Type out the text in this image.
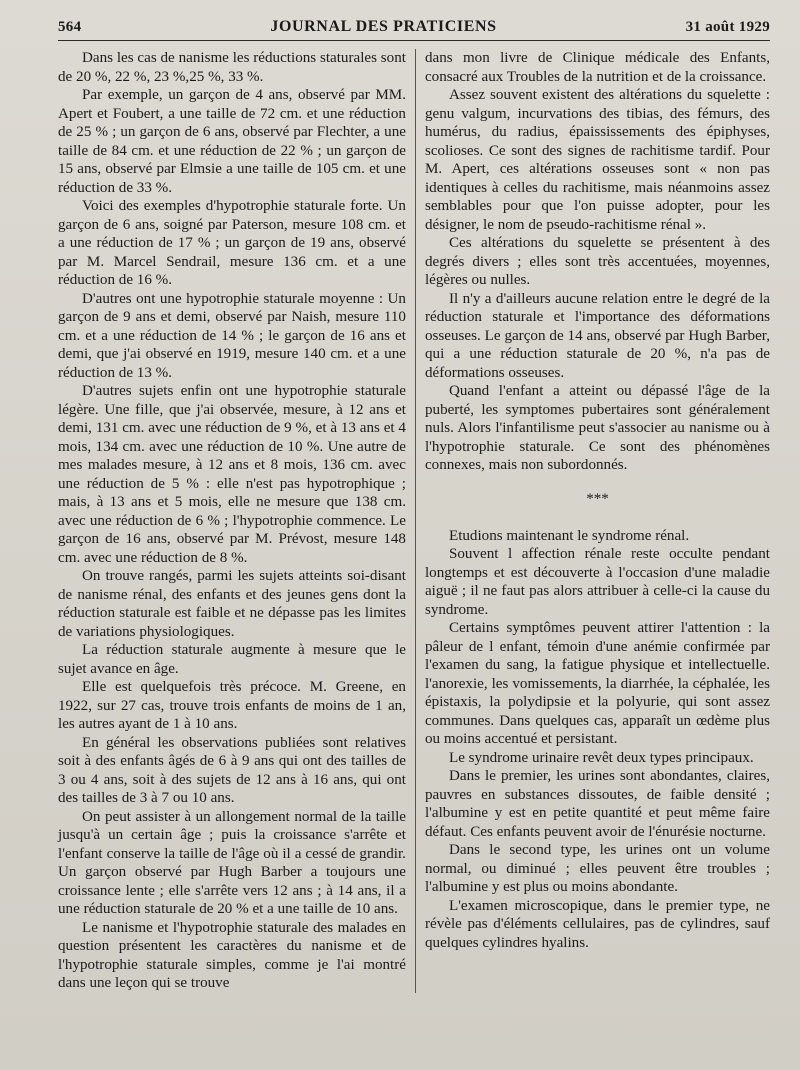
564	JOURNAL DES PRATICIENS	31 août 1929

Dans les cas de nanisme les réductions staturales sont de 20 %, 22 %, 23 %,25 %, 33 %.

Par exemple, un garçon de 4 ans, observé par MM. Apert et Foubert, a une taille de 72 cm. et une réduction de 25 % ; un garçon de 6 ans, observé par Flechter, a une taille de 84 cm. et une réduction de 22 % ; un garçon de 15 ans, observé par Elmsie a une taille de 105 cm. et une réduction de 33 %.

Voici des exemples d'hypotrophie staturale forte. Un garçon de 6 ans, soigné par Paterson, mesure 108 cm. et a une réduction de 17 % ; un garçon de 19 ans, observé par M. Marcel Sendrail, mesure 136 cm. et a une réduction de 16 %.

D'autres ont une hypotrophie staturale moyenne : Un garçon de 9 ans et demi, observé par Naish, mesure 110 cm. et a une réduction de 14 % ; le garçon de 16 ans et demi, que j'ai observé en 1919, mesure 140 cm. et a une réduction de 13 %.

D'autres sujets enfin ont une hypotrophie staturale légère. Une fille, que j'ai observée, mesure, à 12 ans et demi, 131 cm. avec une réduction de 9 %, et à 13 ans et 4 mois, 134 cm. avec une réduction de 10 %. Une autre de mes malades mesure, à 12 ans et 8 mois, 136 cm. avec une réduction de 5 % : elle n'est pas hypotrophique ; mais, à 13 ans et 5 mois, elle ne mesure que 138 cm. avec une réduction de 6 % ; l'hypotrophie commence. Le garçon de 16 ans, observé par M. Prévost, mesure 148 cm. avec une réduction de 8 %.

On trouve rangés, parmi les sujets atteints soi-disant de nanisme rénal, des enfants et des jeunes gens dont la réduction staturale est faible et ne dépasse pas les limites de variations physiologiques.

La réduction staturale augmente à mesure que le sujet avance en âge.

Elle est quelquefois très précoce. M. Greene, en 1922, sur 27 cas, trouve trois enfants de moins de 1 an, les autres ayant de 1 à 10 ans.

En général les observations publiées sont relatives soit à des enfants âgés de 6 à 9 ans qui ont des tailles de 3 ou 4 ans, soit à des sujets de 12 ans à 16 ans, qui ont des tailles de 3 à 7 ou 10 ans.

On peut assister à un allongement normal de la taille jusqu'à un certain âge ; puis la croissance s'arrête et l'enfant conserve la taille de l'âge où il a cessé de grandir. Un garçon observé par Hugh Barber a toujours une croissance lente ; elle s'arrête vers 12 ans ; à 14 ans, il a une réduction staturale de 20 % et a une taille de 10 ans.

Le nanisme et l'hypotrophie staturale des malades en question présentent les caractères du nanisme et de l'hypotrophie staturale simples, comme je l'ai montré dans une leçon qui se trouve

dans mon livre de Clinique médicale des Enfants, consacré aux Troubles de la nutrition et de la croissance.

Assez souvent existent des altérations du squelette : genu valgum, incurvations des tibias, des fémurs, des humérus, du radius, épaississements des épiphyses, scolioses. Ce sont des signes de rachitisme tardif. Pour M. Apert, ces altérations osseuses sont « non pas identiques à celles du rachitisme, mais néanmoins assez semblables pour que l'on puisse adopter, pour les désigner, le nom de pseudo-rachitisme rénal ».

Ces altérations du squelette se présentent à des degrés divers ; elles sont très accentuées, moyennes, légères ou nulles.

Il n'y a d'ailleurs aucune relation entre le degré de la réduction staturale et l'importance des déformations osseuses. Le garçon de 14 ans, observé par Hugh Barber, qui a une réduction staturale de 20 %, n'a pas de déformations osseuses.

Quand l'enfant a atteint ou dépassé l'âge de la puberté, les symptomes pubertaires sont généralement nuls. Alors l'infantilisme peut s'associer au nanisme ou à l'hypotrophie staturale. Ce sont des phénomènes connexes, mais non subordonnés.

***

Etudions maintenant le syndrome rénal.

Souvent l affection rénale reste occulte pendant longtemps et est découverte à l'occasion d'une maladie aiguë ; il ne faut pas alors attribuer à celle-ci la cause du syndrome.

Certains symptômes peuvent attirer l'attention : la pâleur de l enfant, témoin d'une anémie confirmée par l'examen du sang, la fatigue physique et intellectuelle. l'anorexie, les vomissements, la diarrhée, la céphalée, les épistaxis, la polydipsie et la polyurie, qui sont assez communes. Dans quelques cas, apparaît un œdème plus ou moins accentué et persistant.

Le syndrome urinaire revêt deux types principaux.

Dans le premier, les urines sont abondantes, claires, pauvres en substances dissoutes, de faible densité ; l'albumine y est en petite quantité et peut même faire défaut. Ces enfants peuvent avoir de l'énurésie nocturne.

Dans le second type, les urines ont un volume normal, ou diminué ; elles peuvent être troubles ; l'albumine y est plus ou moins abondante.

L'examen microscopique, dans le premier type, ne révèle pas d'éléments cellulaires, pas de cylindres, sauf quelques cylindres hyalins.
